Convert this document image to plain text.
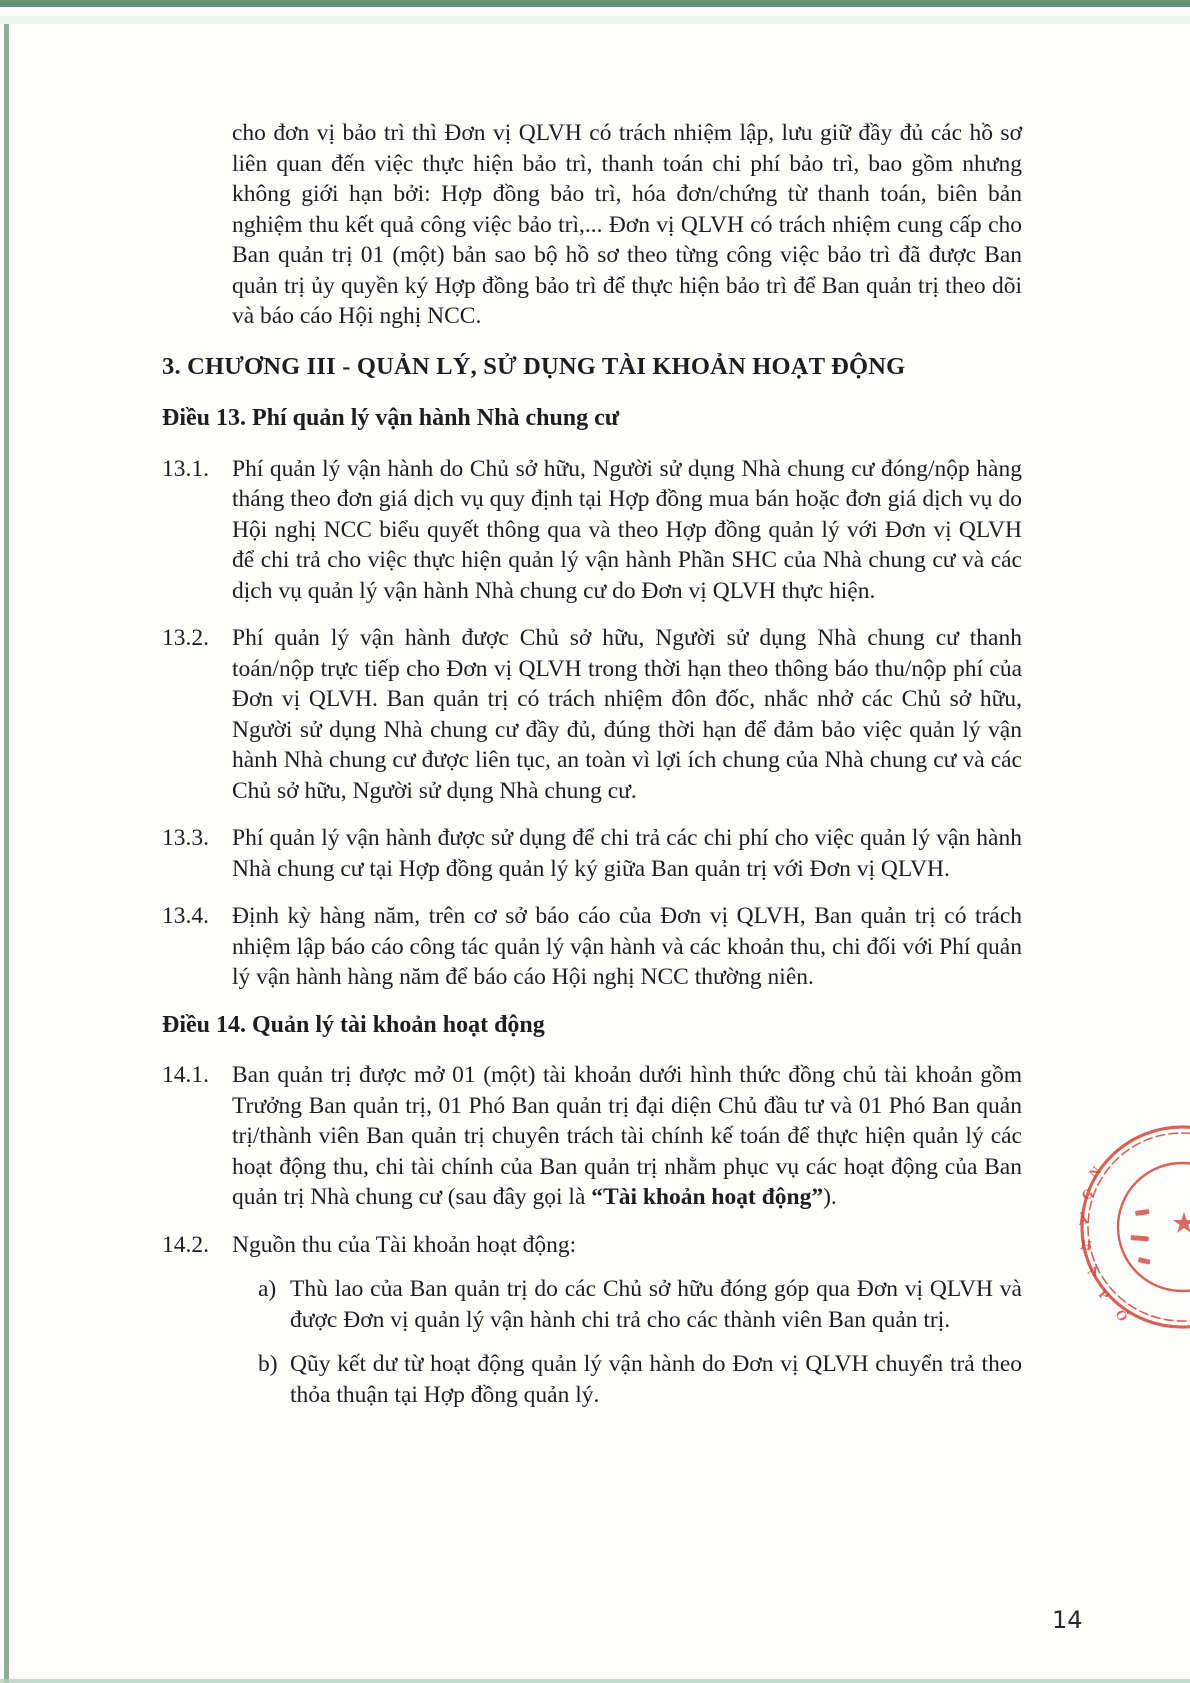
cho đơn vị bảo trì thì Đơn vị QLVH có trách nhiệm lập, lưu giữ đầy đủ các hồ sơ liên quan đến việc thực hiện bảo trì, thanh toán chi phí bảo trì, bao gồm nhưng không giới hạn bởi: Hợp đồng bảo trì, hóa đơn/chứng từ thanh toán, biên bản nghiệm thu kết quả công việc bảo trì,... Đơn vị QLVH có trách nhiệm cung cấp cho Ban quản trị 01 (một) bản sao bộ hồ sơ theo từng công việc bảo trì đã được Ban quản trị ủy quyền ký Hợp đồng bảo trì để thực hiện bảo trì để Ban quản trị theo dõi và báo cáo Hội nghị NCC.

3. CHƯƠNG III - QUẢN LÝ, SỬ DỤNG TÀI KHOẢN HOẠT ĐỘNG
Điều 13. Phí quản lý vận hành Nhà chung cư
13.1. Phí quản lý vận hành do Chủ sở hữu, Người sử dụng Nhà chung cư đóng/nộp hàng tháng theo đơn giá dịch vụ quy định tại Hợp đồng mua bán hoặc đơn giá dịch vụ do Hội nghị NCC biểu quyết thông qua và theo Hợp đồng quản lý với Đơn vị QLVH để chi trả cho việc thực hiện quản lý vận hành Phần SHC của Nhà chung cư và các dịch vụ quản lý vận hành Nhà chung cư do Đơn vị QLVH thực hiện.
13.2. Phí quản lý vận hành được Chủ sở hữu, Người sử dụng Nhà chung cư thanh toán/nộp trực tiếp cho Đơn vị QLVH trong thời hạn theo thông báo thu/nộp phí của Đơn vị QLVH. Ban quản trị có trách nhiệm đôn đốc, nhắc nhở các Chủ sở hữu, Người sử dụng Nhà chung cư đầy đủ, đúng thời hạn để đảm bảo việc quản lý vận hành Nhà chung cư được liên tục, an toàn vì lợi ích chung của Nhà chung cư và các Chủ sở hữu, Người sử dụng Nhà chung cư.
13.3. Phí quản lý vận hành được sử dụng để chi trả các chi phí cho việc quản lý vận hành Nhà chung cư tại Hợp đồng quản lý ký giữa Ban quản trị với Đơn vị QLVH.
13.4. Định kỳ hàng năm, trên cơ sở báo cáo của Đơn vị QLVH, Ban quản trị có trách nhiệm lập báo cáo công tác quản lý vận hành và các khoản thu, chi đối với Phí quản lý vận hành hàng năm để báo cáo Hội nghị NCC thường niên.
Điều 14. Quản lý tài khoản hoạt động
14.1. Ban quản trị được mở 01 (một) tài khoản dưới hình thức đồng chủ tài khoản gồm Trưởng Ban quản trị, 01 Phó Ban quản trị đại diện Chủ đầu tư và 01 Phó Ban quản trị/thành viên Ban quản trị chuyên trách tài chính kế toán để thực hiện quản lý các hoạt động thu, chi tài chính của Ban quản trị nhằm phục vụ các hoạt động của Ban quản trị Nhà chung cư (sau đây gọi là “Tài khoản hoạt động”).
14.2. Nguồn thu của Tài khoản hoạt động:
a) Thù lao của Ban quản trị do các Chủ sở hữu đóng góp qua Đơn vị QLVH và được Đơn vị quản lý vận hành chi trả cho các thành viên Ban quản trị.
b) Qũy kết dư từ hoạt động quản lý vận hành do Đơn vị QLVH chuyển trả theo thỏa thuận tại Hợp đồng quản lý.
N
G
Â
H
À
P
Ố
14
